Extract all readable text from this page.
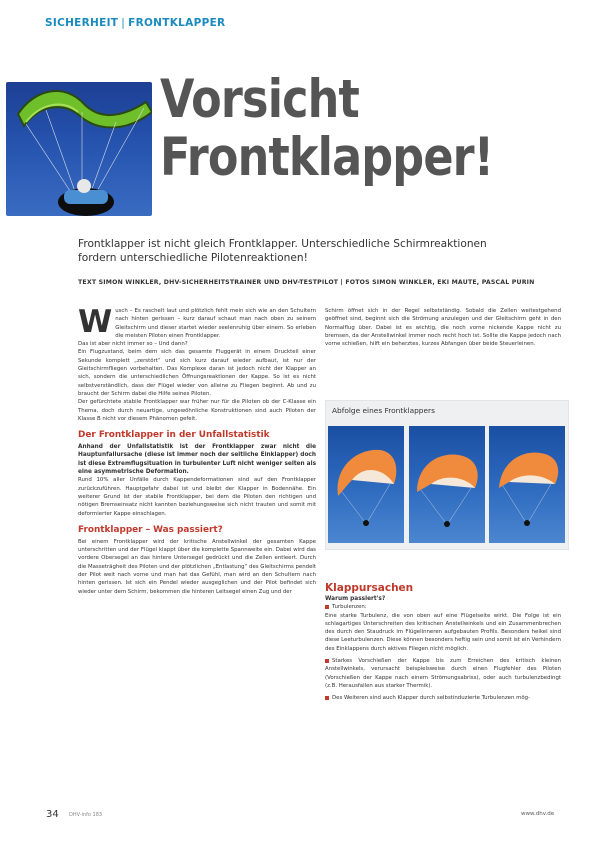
SICHERHEIT | FRONTKLAPPER
Vorsicht
Frontklapper!
Frontklapper ist nicht gleich Frontklapper. Unterschiedliche Schirmreaktionen fordern unterschiedliche Pilotenreaktionen!
TEXT SIMON WINKLER, DHV-SICHERHEITSTRAINER UND DHV-TESTPILOT | FOTOS SIMON WINKLER, EKI MAUTE, PASCAL PURIN

Wusch – Es raschelt laut und plötzlich fehlt mein sich wie an den Schultern nach hinten gerissen – kurz darauf schaut man nach oben zu seinem Gleitschirm und dieser startet wieder seelenruhig über einem. So erleben die meisten Piloten einen Frontklapper.

Das ist aber nicht immer so – Und dann?

Ein Flugzustand, beim dem sich das gesamte Fluggerät in einem Druckteil einer Sekunde komplett „zerstört“ und sich kurz darauf wieder aufbaut, ist nur der Gleitschirmfliegen vorbehalten. Das Komplexe daran ist jedoch nicht der Klapper an sich, sondern die unterschiedlichen Öffnungsreaktionen der Kappe. So ist es nicht selbstverständlich, dass der Flügel wieder von alleine zu Fliegen beginnt. Ab und zu braucht der Schirm dabei die Hilfe seines Piloten.

Der gefürchtete stabile Frontklapper war früher nur für die Piloten ob der C-Klasse ein Thema, doch durch neuartige, ungewöhnliche Konstruktionen sind auch Piloten der Klasse B nicht vor diesem Phänomen gefeit.

Der Frontklapper in der Unfallstatistik

Anhand der Unfallstatistik ist der Frontklapper zwar nicht die Hauptunfallursache (diese ist immer noch der seitliche Einklapper) doch ist diese Extremflugsituation in turbulenter Luft nicht weniger selten als eine asymmetrische Deformation.

Rund 10% aller Unfälle durch Kappendeformationen sind auf den Frontklapper zurückzuführen. Hauptgefahr dabei ist und bleibt der Klapper in Bodennähe. Ein weiterer Grund ist der stabile Frontklapper, bei dem die Piloten den richtigen und nötigen Bremseinsatz nicht kannten beziehungsweise sich nicht trauten und somit mit deformierter Kappe einschlagen.

Frontklapper – Was passiert?

Bei einem Frontklapper wird der kritische Anstellwinkel der gesamten Kappe unterschritten und der Flügel klappt über die komplette Spannweite ein. Dabei wird das vordere Obersegel an das hintere Untersegel gedrückt und die Zellen entleert. Durch die Masseträgheit des Piloten und der plötzlichen „Entlastung“ des Gleitschirms pendelt der Pilot weit nach vorne und man hat das Gefühl, man wird an den Schultern nach hinten gerissen. Ist sich ein Pendel wieder ausgeglichen und der Pilot befindet sich wieder unter dem Schirm, bekommen die hinteren Leitsegel einen Zug und der

Schirm öffnet sich in der Regel selbstständig. Sobald die Zellen weitestgehend geöffnet sind, beginnt sich die Strömung anzulegen und der Gleitschirm geht in den Normalflug über. Dabei ist es wichtig, die noch vorne nickende Kappe nicht zu bremsen, da der Anstellwinkel immer noch recht hoch ist. Sollte die Kappe jedoch nach vorne schießen, hilft ein beherztes, kurzes Abfangen über beide Steuerleinen.

Abfolge eines Frontklappers
Klappursachen

Warum passiert's?

Turbulenzen:

Eine starke Turbulenz, die von oben auf eine Flügelseite wirkt. Die Folge ist ein schlagartiges Unterschreiten des kritischen Anstellwinkels und ein Zusammenbrechen des durch den Staudruck im Flügelinneren aufgebauten Profils. Besonders heikel sind diese Leeturbulenzen. Diese können besonders heftig sein und somit ist ein Verhindern des Einklappens durch aktives Fliegen nicht möglich.

Starkes Vorschießen der Kappe bis zum Erreichen des kritisch kleinen Anstellwinkels, verursacht beispielsweise durch einen Flugfehler des Piloten (Vorschießen der Kappe nach einem Strömungsabriss), oder auch turbulenzbedingt (z.B. Herausfallen aus starker Thermik).

Des Weiteren sind auch Klapper durch selbstinduzierte Turbulenzen mög-

34 DHV-info 183	www.dhv.de
